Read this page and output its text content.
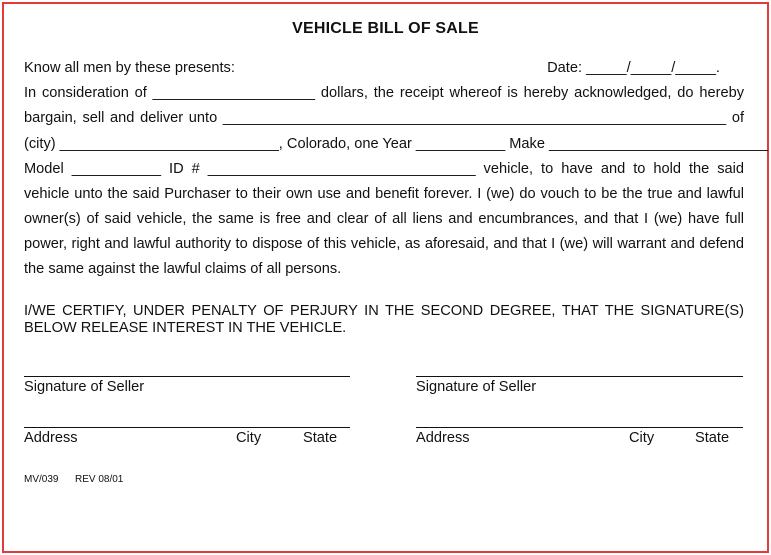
VEHICLE BILL OF SALE
Know all men by these presents:	Date: _____/_____/_____.
In consideration of ____________________ dollars, the receipt whereof is hereby acknowledged, do hereby
bargain, sell and deliver unto ______________________________________________________________ of
(city) ___________________________, Colorado, one Year ___________ Make ___________________________
Model ___________ ID # _________________________________ vehicle, to have and to hold the said
vehicle unto the said Purchaser to their own use and benefit forever. I (we) do vouch to be the true and lawful
owner(s) of said vehicle, the same is free and clear of all liens and encumbrances, and that I (we) have full
power, right and lawful authority to dispose of this vehicle, as aforesaid, and that I (we) will warrant and defend
the same against the lawful claims of all persons.
I/WE CERTIFY, UNDER PENALTY OF PERJURY IN THE SECOND DEGREE, THAT THE SIGNATURE(S)
BELOW RELEASE INTEREST IN THE VEHICLE.
Signature of Seller
Address	City	State
Signature of Seller
Address	City	State
MV/039 REV 08/01
